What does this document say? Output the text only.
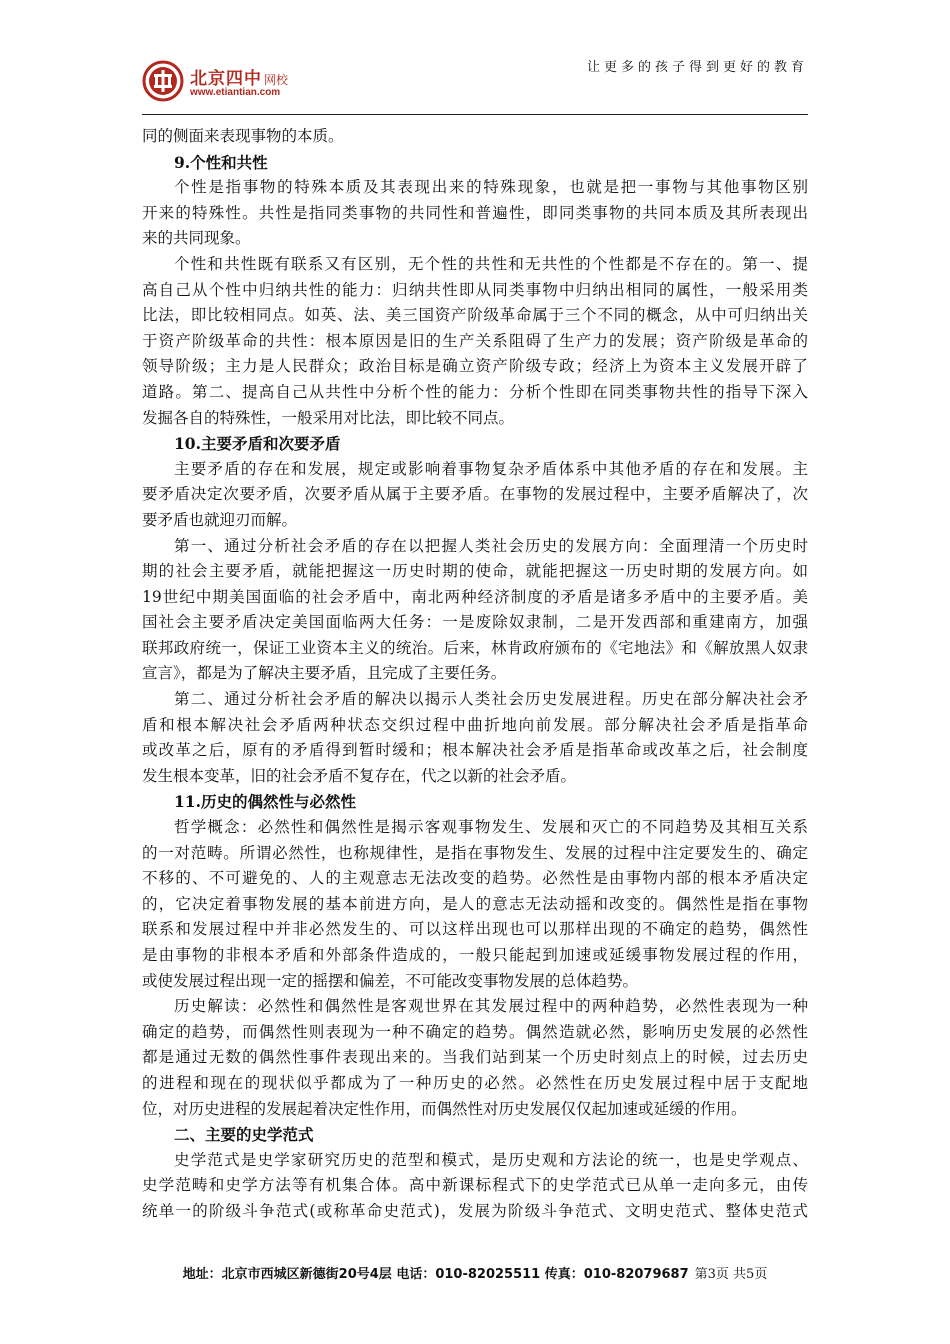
北京四中 网校
www.etiantian.com
让更多的孩子得到更好的教育
同的侧面来表现事物的本质。
9.个性和共性
个性是指事物的特殊本质及其表现出来的特殊现象，也就是把一事物与其他事物区别
开来的特殊性。共性是指同类事物的共同性和普遍性，即同类事物的共同本质及其所表现出
来的共同现象。
个性和共性既有联系又有区别，无个性的共性和无共性的个性都是不存在的。第一、提
高自己从个性中归纳共性的能力：归纳共性即从同类事物中归纳出相同的属性，一般采用类
比法，即比较相同点。如英、法、美三国资产阶级革命属于三个不同的概念，从中可归纳出关
于资产阶级革命的共性：根本原因是旧的生产关系阻碍了生产力的发展；资产阶级是革命的
领导阶级；主力是人民群众；政治目标是确立资产阶级专政；经济上为资本主义发展开辟了
道路。第二、提高自己从共性中分析个性的能力：分析个性即在同类事物共性的指导下深入
发掘各自的特殊性，一般采用对比法，即比较不同点。
10.主要矛盾和次要矛盾
主要矛盾的存在和发展，规定或影响着事物复杂矛盾体系中其他矛盾的存在和发展。主
要矛盾决定次要矛盾，次要矛盾从属于主要矛盾。在事物的发展过程中，主要矛盾解决了，次
要矛盾也就迎刃而解。
第一、通过分析社会矛盾的存在以把握人类社会历史的发展方向：全面理清一个历史时
期的社会主要矛盾，就能把握这一历史时期的使命，就能把握这一历史时期的发展方向。如
19世纪中期美国面临的社会矛盾中，南北两种经济制度的矛盾是诸多矛盾中的主要矛盾。美
国社会主要矛盾决定美国面临两大任务：一是废除奴隶制，二是开发西部和重建南方，加强
联邦政府统一，保证工业资本主义的统治。后来，林肯政府颁布的《宅地法》和《解放黑人奴隶
宣言》，都是为了解决主要矛盾，且完成了主要任务。
第二、通过分析社会矛盾的解决以揭示人类社会历史发展进程。历史在部分解决社会矛
盾和根本解决社会矛盾两种状态交织过程中曲折地向前发展。部分解决社会矛盾是指革命
或改革之后，原有的矛盾得到暂时缓和；根本解决社会矛盾是指革命或改革之后，社会制度
发生根本变革，旧的社会矛盾不复存在，代之以新的社会矛盾。
11.历史的偶然性与必然性
哲学概念：必然性和偶然性是揭示客观事物发生、发展和灭亡的不同趋势及其相互关系
的一对范畴。所谓必然性，也称规律性，是指在事物发生、发展的过程中注定要发生的、确定
不移的、不可避免的、人的主观意志无法改变的趋势。必然性是由事物内部的根本矛盾决定
的，它决定着事物发展的基本前进方向，是人的意志无法动摇和改变的。偶然性是指在事物
联系和发展过程中并非必然发生的、可以这样出现也可以那样出现的不确定的趋势，偶然性
是由事物的非根本矛盾和外部条件造成的，一般只能起到加速或延缓事物发展过程的作用，
或使发展过程出现一定的摇摆和偏差，不可能改变事物发展的总体趋势。
历史解读：必然性和偶然性是客观世界在其发展过程中的两种趋势，必然性表现为一种
确定的趋势，而偶然性则表现为一种不确定的趋势。偶然造就必然，影响历史发展的必然性
都是通过无数的偶然性事件表现出来的。当我们站到某一个历史时刻点上的时候，过去历史
的进程和现在的现状似乎都成为了一种历史的必然。必然性在历史发展过程中居于支配地
位，对历史进程的发展起着决定性作用，而偶然性对历史发展仅仅起加速或延缓的作用。
二、主要的史学范式
史学范式是史学家研究历史的范型和模式，是历史观和方法论的统一，也是史学观点、
史学范畴和史学方法等有机集合体。高中新课标程式下的史学范式已从单一走向多元，由传
统单一的阶级斗争范式(或称革命史范式)，发展为阶级斗争范式、文明史范式、整体史范式
地址：北京市西城区新德街20号4层 电话：010-82025511 传真：010-82079687 第3页 共5页
